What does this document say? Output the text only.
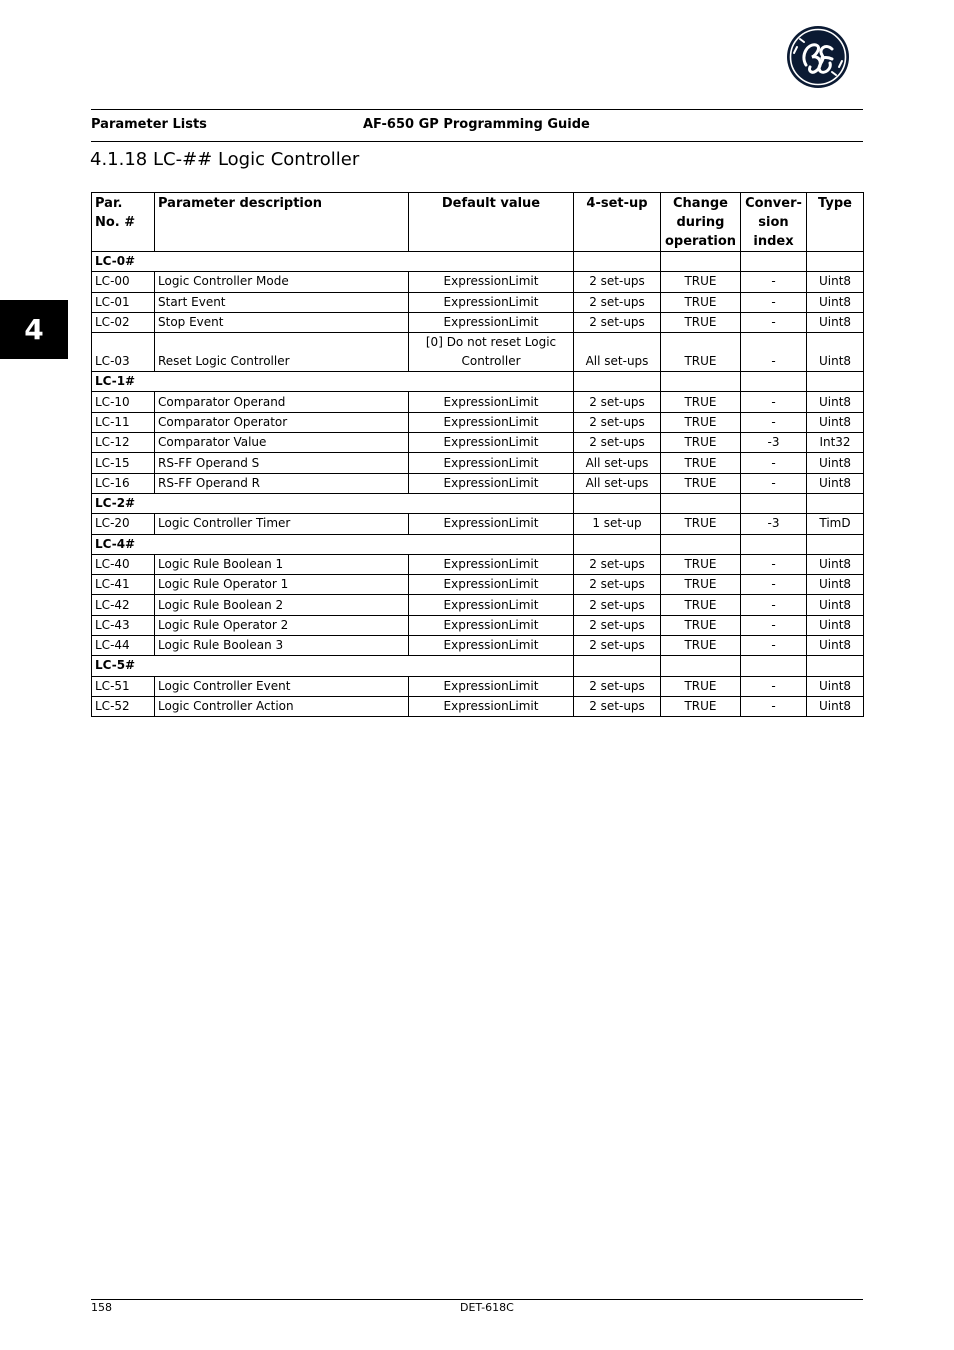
Parameter Lists	AF-650 GP Programming Guide
4.1.18 LC-## Logic Controller
4
Par. No. #	Parameter description	Default value	4-set-up	Change during operation	Conver-sion index	Type
LC-0#						
LC-00	Logic Controller Mode	ExpressionLimit	2 set-ups	TRUE	-	Uint8
LC-01	Start Event	ExpressionLimit	2 set-ups	TRUE	-	Uint8
LC-02	Stop Event	ExpressionLimit	2 set-ups	TRUE	-	Uint8
LC-03	Reset Logic Controller	[0] Do not reset Logic Controller	All set-ups	TRUE	-	Uint8
LC-1#						
LC-10	Comparator Operand	ExpressionLimit	2 set-ups	TRUE	-	Uint8
LC-11	Comparator Operator	ExpressionLimit	2 set-ups	TRUE	-	Uint8
LC-12	Comparator Value	ExpressionLimit	2 set-ups	TRUE	-3	Int32
LC-15	RS-FF Operand S	ExpressionLimit	All set-ups	TRUE	-	Uint8
LC-16	RS-FF Operand R	ExpressionLimit	All set-ups	TRUE	-	Uint8
LC-2#						
LC-20	Logic Controller Timer	ExpressionLimit	1 set-up	TRUE	-3	TimD
LC-4#						
LC-40	Logic Rule Boolean 1	ExpressionLimit	2 set-ups	TRUE	-	Uint8
LC-41	Logic Rule Operator 1	ExpressionLimit	2 set-ups	TRUE	-	Uint8
LC-42	Logic Rule Boolean 2	ExpressionLimit	2 set-ups	TRUE	-	Uint8
LC-43	Logic Rule Operator 2	ExpressionLimit	2 set-ups	TRUE	-	Uint8
LC-44	Logic Rule Boolean 3	ExpressionLimit	2 set-ups	TRUE	-	Uint8
LC-5#						
LC-51	Logic Controller Event	ExpressionLimit	2 set-ups	TRUE	-	Uint8
LC-52	Logic Controller Action	ExpressionLimit	2 set-ups	TRUE	-	Uint8
158	DET-618C
